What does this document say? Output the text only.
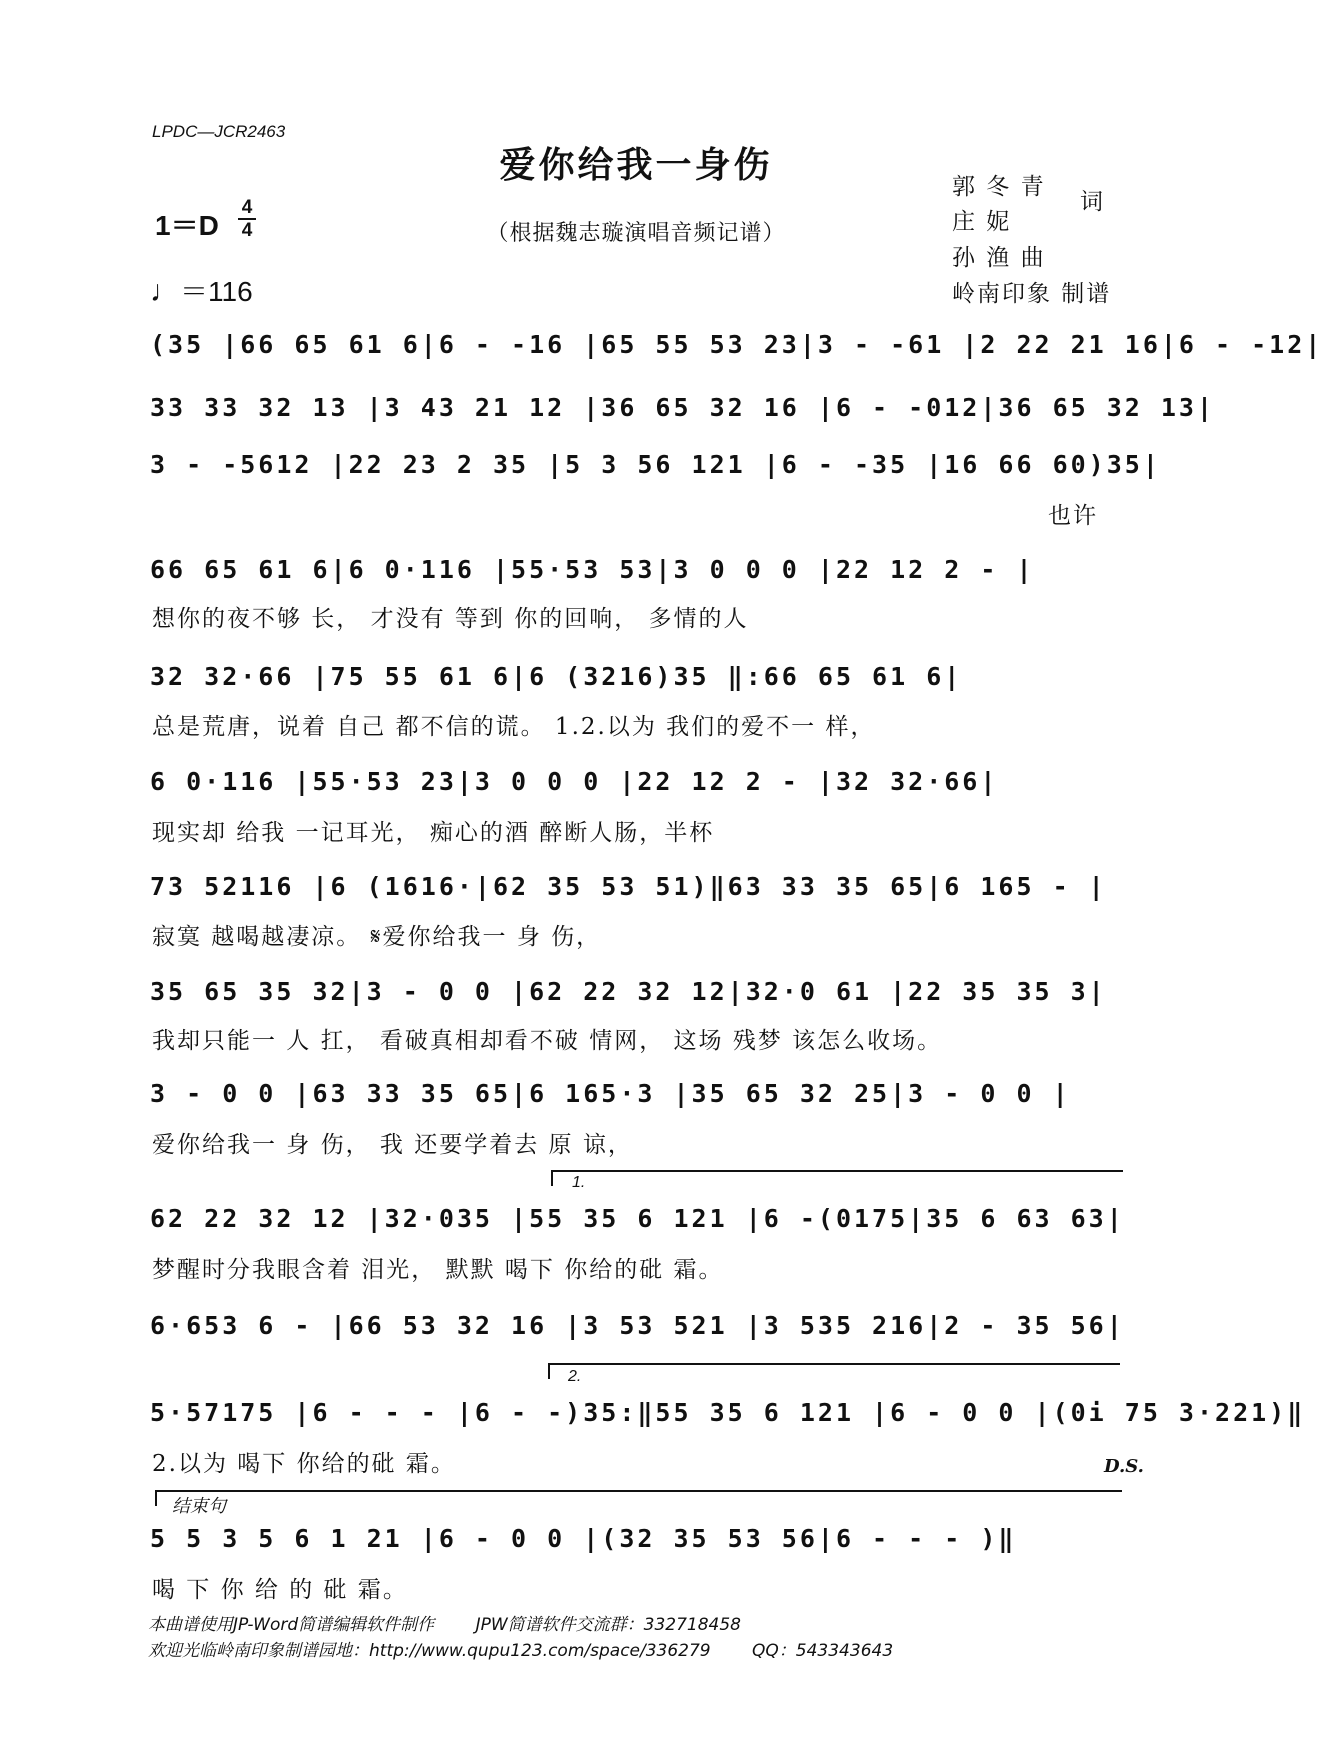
LPDC—JCR2463
爱你给我一身伤
（根据魏志璇演唱音频记谱）
郭 冬 青
庄 妮
词
孙 渔 曲
岭南印象 制谱
1＝D
4
4
♩＝116
(35 |66 65 61 6|6 - -16 |65 55 53 23|3 - -61 |2 22 21 16|6 - -12|
33 33 32 13 |3 43 21 12 |36 65 32 16 |6 - -012|36 65 32 13|
3 - -5612 |22 23 2 35 |5 3 56 121 |6 - -35 |16 66 60)35|
也许
66 65 61 6|6 0·116 |55·53 53|3 0 0 0 |22 12 2 - |
想你的夜不够 长， 才没有 等到 你的回响， 多情的人
32 32·66 |75 55 61 6|6 (3216)35 ‖:66 65 61 6|
总是荒唐，说着 自己 都不信的谎。 1.2.以为 我们的爱不一 样，
6 0·116 |55·53 23|3 0 0 0 |22 12 2 - |32 32·66|
现实却 给我 一记耳光， 痴心的酒 醉断人肠，半杯
73 52116 |6 (1616·|62 35 53 51)‖63 33 35 65|6 165 - |
寂寞 越喝越凄凉。 𝄋爱你给我一 身 伤，
35 65 35 32|3 - 0 0 |62 22 32 12|32·0 61 |22 35 35 3|
我却只能一 人 扛， 看破真相却看不破 情网， 这场 残梦 该怎么收场。
3 - 0 0 |63 33 35 65|6 165·3 |35 65 32 25|3 - 0 0 |
爱你给我一 身 伤， 我 还要学着去 原 谅，
1.
62 22 32 12 |32·035 |55 35 6 121 |6 -(0175|35 6 63 63|
梦醒时分我眼含着 泪光， 默默 喝下 你给的砒 霜。
6·653 6 - |66 53 32 16 |3 53 521 |3 535 216|2 - 35 56|
2.
5·57175 |6 - - - |6 - -)35:‖55 35 6 121 |6 - 0 0 |(0i 75 3·221)‖
2.以为 喝下 你给的砒 霜。	D.S.
结束句
5 5 3 5 6 1 21 |6 - 0 0 |(32 35 53 56|6 - - - )‖
喝 下 你 给 的 砒 霜。
本曲谱使用JP-Word简谱编辑软件制作 JPW简谱软件交流群：332718458
欢迎光临岭南印象制谱园地：http://www.qupu123.com/space/336279 QQ：543343643
